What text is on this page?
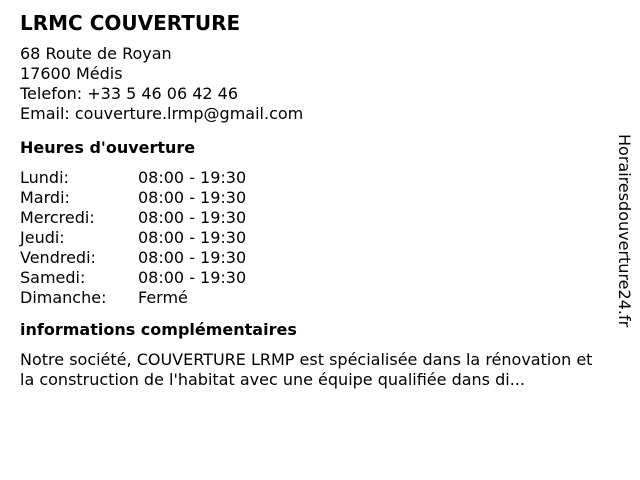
LRMC COUVERTURE
68 Route de Royan
17600 Médis
Telefon: +33 5 46 06 42 46
Email: couverture.lrmp@gmail.com
Heures d'ouverture
Lundi:	08:00 - 19:30
Mardi:	08:00 - 19:30
Mercredi:	08:00 - 19:30
Jeudi:	08:00 - 19:30
Vendredi:	08:00 - 19:30
Samedi:	08:00 - 19:30
Dimanche:	Fermé
informations complémentaires
Notre société, COUVERTURE LRMP est spécialisée dans la rénovation et la construction de l'habitat avec une équipe qualifiée dans di...
Horairesdouverture24.fr
